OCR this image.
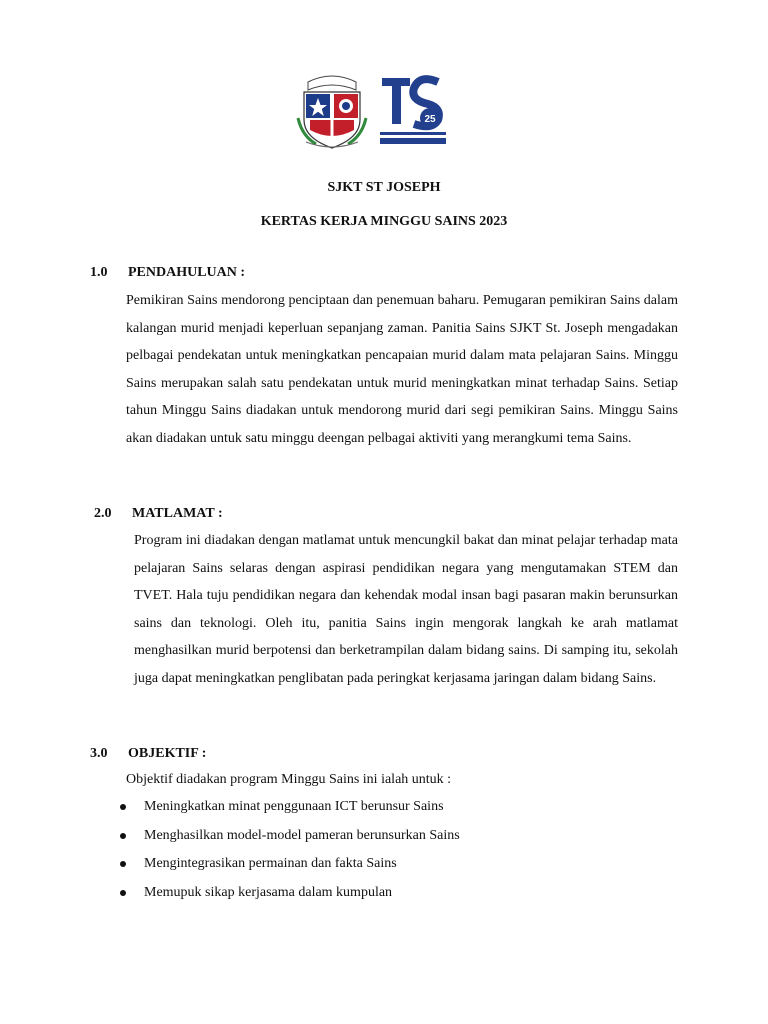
25
SJKT ST JOSEPH
KERTAS KERJA MINGGU SAINS 2023
1.0 PENDAHULUAN :

Pemikiran Sains mendorong penciptaan dan penemuan baharu. Pemugaran pemikiran Sains dalam kalangan murid menjadi keperluan sepanjang zaman. Panitia Sains SJKT St. Joseph mengadakan pelbagai pendekatan untuk meningkatkan pencapaian murid dalam mata pelajaran Sains. Minggu Sains merupakan salah satu pendekatan untuk murid meningkatkan minat terhadap Sains. Setiap tahun Minggu Sains diadakan untuk mendorong murid dari segi pemikiran Sains. Minggu Sains akan diadakan untuk satu minggu deengan pelbagai aktiviti yang merangkumi tema Sains.

2.0 MATLAMAT :

Program ini diadakan dengan matlamat untuk mencungkil bakat dan minat pelajar terhadap mata pelajaran Sains selaras dengan aspirasi pendidikan negara yang mengutamakan STEM dan TVET. Hala tuju pendidikan negara dan kehendak modal insan bagi pasaran makin berunsurkan sains dan teknologi. Oleh itu, panitia Sains ingin mengorak langkah ke arah matlamat menghasilkan murid berpotensi dan berketrampilan dalam bidang sains. Di samping itu, sekolah juga dapat meningkatkan penglibatan pada peringkat kerjasama jaringan dalam bidang Sains.

3.0 OBJEKTIF :
Objektif diadakan program Minggu Sains ini ialah untuk :
Meningkatkan minat penggunaan ICT berunsur Sains
Menghasilkan model-model pameran berunsurkan Sains
Mengintegrasikan permainan dan fakta Sains
Memupuk sikap kerjasama dalam kumpulan
